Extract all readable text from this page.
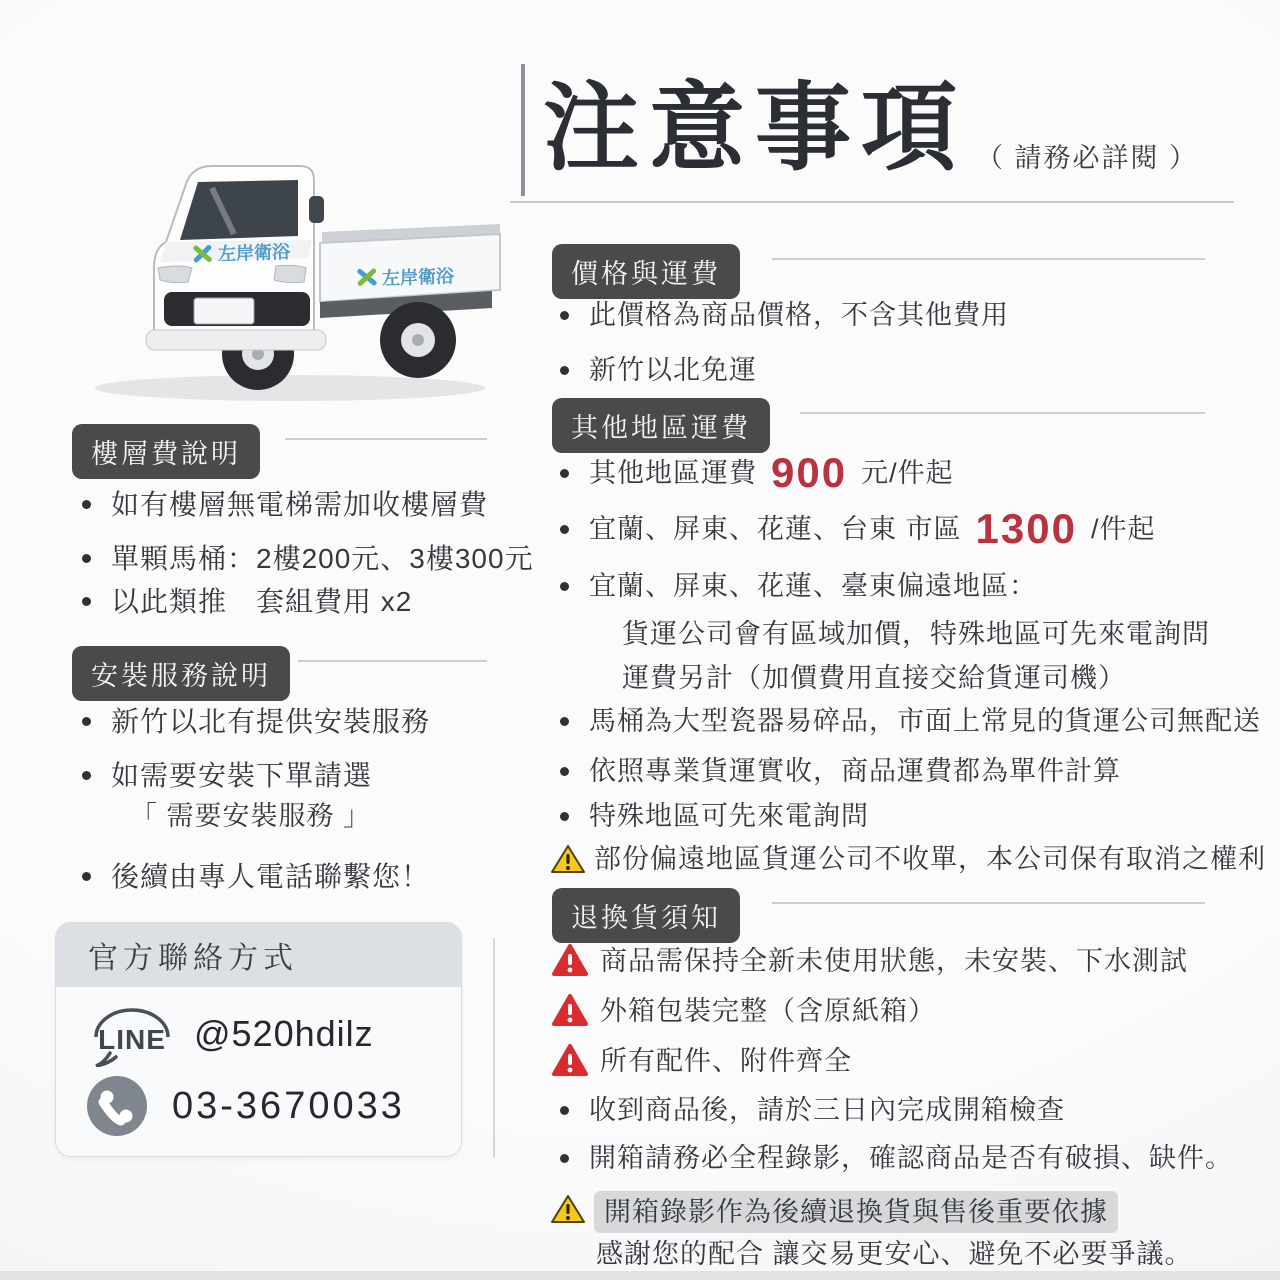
注意事項 （ 請務必詳閱 ）
左岸衛浴
左岸衛浴
樓層費說明
如有樓層無電梯需加收樓層費
單顆馬桶：2樓200元、3樓300元
以此類推　套組費用 x2
安裝服務說明
新竹以北有提供安裝服務
如需要安裝下單請選
「 需要安裝服務 」
後續由專人電話聯繫您！
官方聯絡方式
LINE @520hdilz
03-3670033
價格與運費
此價格為商品價格，不含其他費用
新竹以北免運
其他地區運費
其他地區運費 900 元/件起
宜蘭、屏東、花蓮、台東 市區 1300 /件起
宜蘭、屏東、花蓮、臺東偏遠地區：
貨運公司會有區域加價，特殊地區可先來電詢問
運費另計（加價費用直接交給貨運司機）
馬桶為大型瓷器易碎品，市面上常見的貨運公司無配送
依照專業貨運實收，商品運費都為單件計算
特殊地區可先來電詢問
部份偏遠地區貨運公司不收單，本公司保有取消之權利
退換貨須知
商品需保持全新未使用狀態，未安裝、下水測試
外箱包裝完整（含原紙箱）
所有配件、附件齊全
收到商品後，請於三日內完成開箱檢查
開箱請務必全程錄影，確認商品是否有破損、缺件。
開箱錄影作為後續退換貨與售後重要依據
感謝您的配合 讓交易更安心、避免不必要爭議。
